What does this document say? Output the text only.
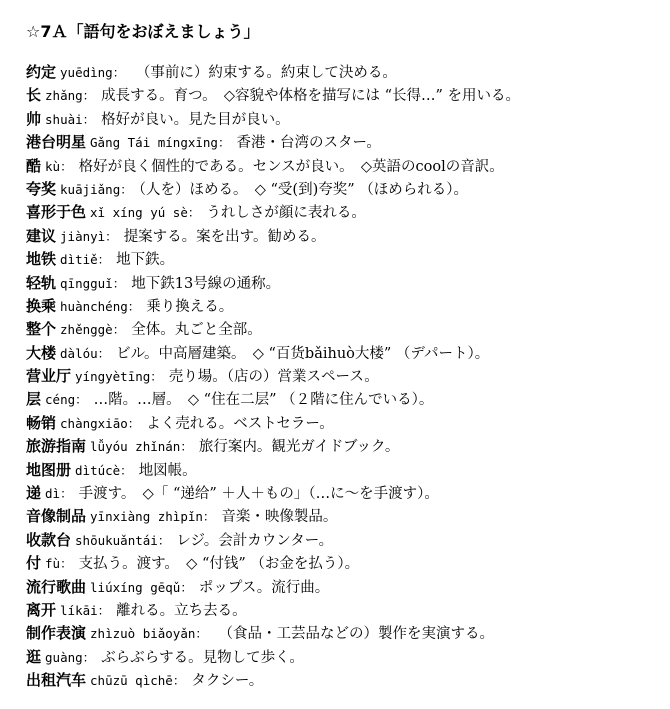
☆7Ａ「語句をおぼえましょう」
约定 yuēdìng： （事前に）約束する。約束して決める。
长 zhǎng： 成長する。育つ。　◇容貌や体格を描写には “长得…” を用いる。
帅 shuài： 格好が良い。見た目が良い。
港台明星 Gǎng Tái míngxīng： 香港・台湾のスター。
酷 kù： 格好が良く個性的である。センスが良い。　◇英語のcoolの音訳。
夸奖 kuājiǎng： （人を）ほめる。　◇ “受(到)夸奖” （ほめられる）。
喜形于色 xǐ xíng yú sè： うれしさが顔に表れる。
建议 jiànyì： 提案する。案を出す。勧める。
地铁 dìtiě： 地下鉄。
轻轨 qīngguǐ： 地下鉄13号線の通称。
换乘 huànchéng： 乗り換える。
整个 zhěnggè： 全体。丸ごと全部。
大楼 dàlóu： ビル。中高層建築。　◇ “百货bǎihuò大楼” （デパート）。
营业厅 yíngyètīng： 売り場。（店の）営業スペース。
层 céng： …階。…層。　◇ “住在二层” （２階に住んでいる）。
畅销 chàngxiāo： よく売れる。ベストセラー。
旅游指南 lǚyóu zhǐnán： 旅行案内。観光ガイドブック。
地图册 dìtúcè： 地図帳。
递 dì： 手渡す。　◇「 “递给” ＋人＋もの」（…に～を手渡す）。
音像制品 yīnxiàng zhìpǐn： 音楽・映像製品。
收款台 shōukuǎntái： レジ。会計カウンター。
付 fù： 支払う。渡す。　◇ “付钱” （お金を払う）。
流行歌曲 liúxíng gēqǔ： ポップス。流行曲。
离开 líkāi： 離れる。立ち去る。
制作表演 zhìzuò biǎoyǎn： （食品・工芸品などの）製作を実演する。
逛 guàng： ぶらぶらする。見物して歩く。
出租汽车 chūzū qìchē： タクシー。
